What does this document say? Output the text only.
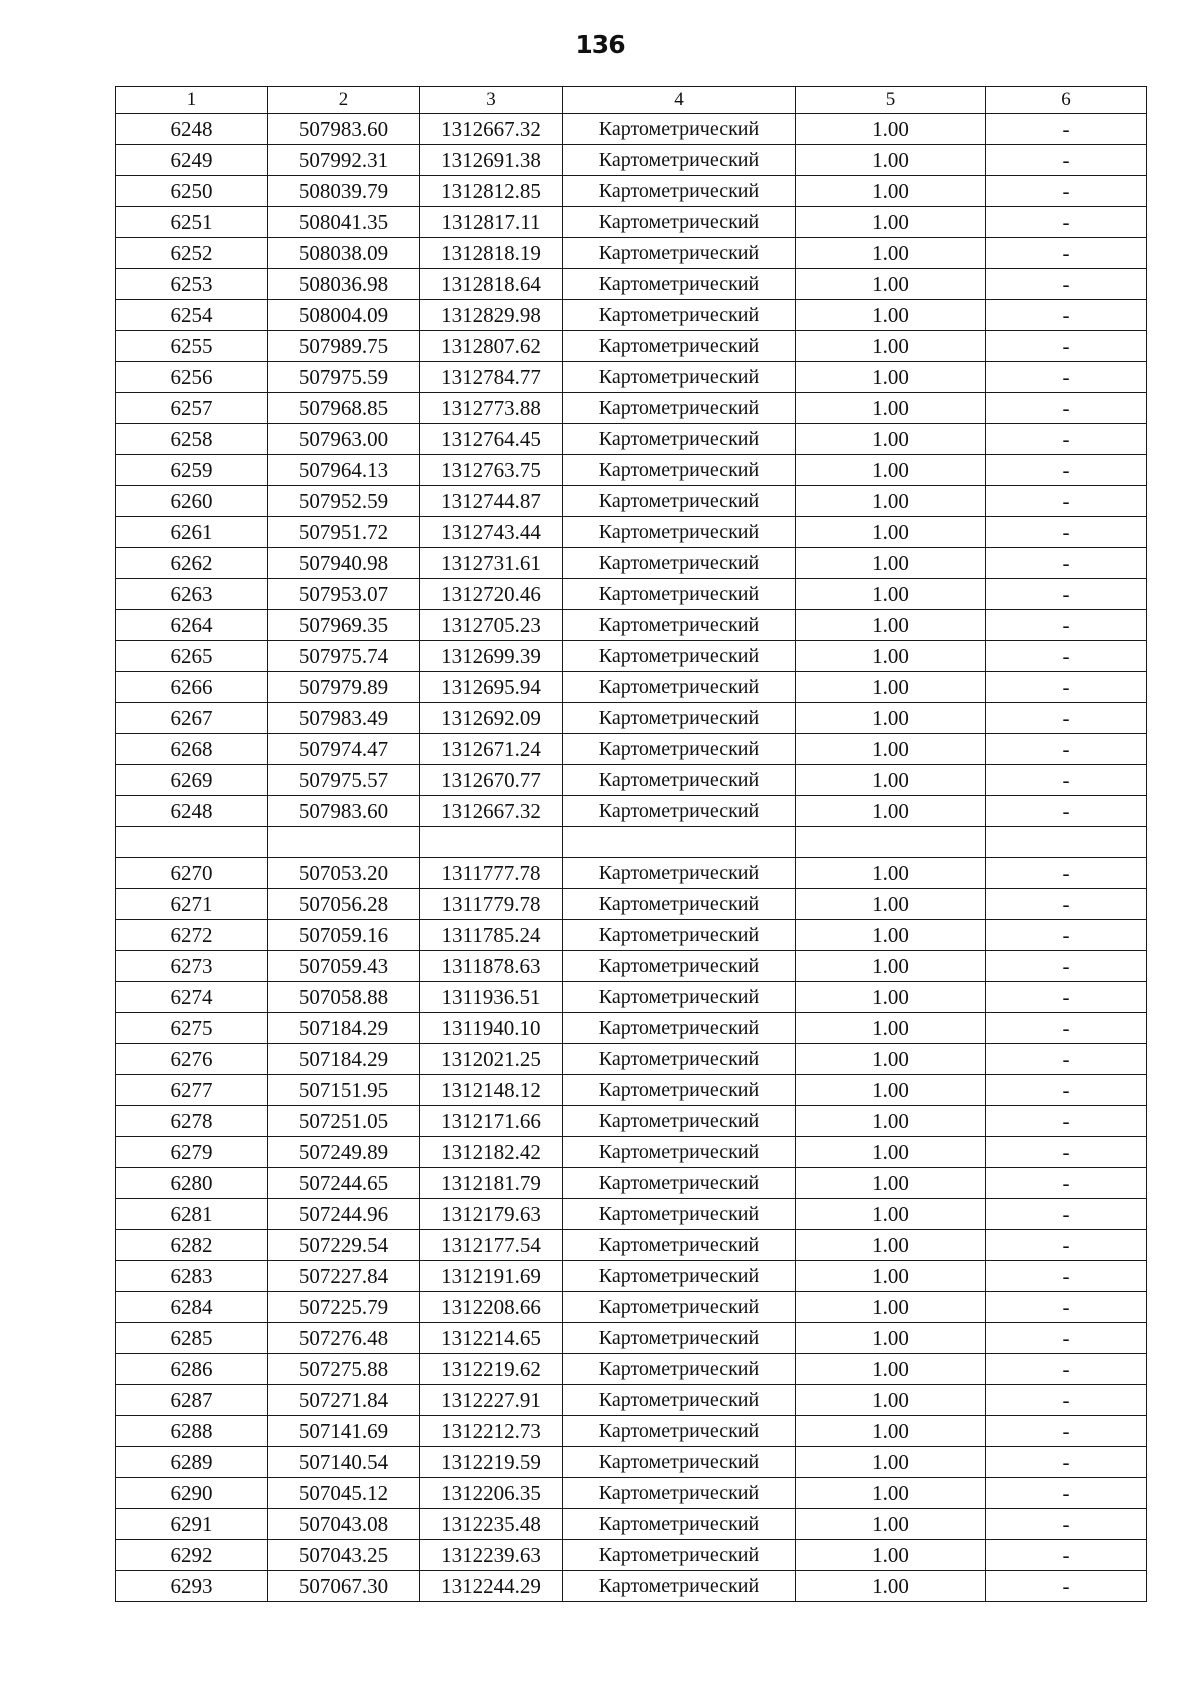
136
1	2	3	4	5	6
6248	507983.60	1312667.32	Картометрический	1.00	-
6249	507992.31	1312691.38	Картометрический	1.00	-
6250	508039.79	1312812.85	Картометрический	1.00	-
6251	508041.35	1312817.11	Картометрический	1.00	-
6252	508038.09	1312818.19	Картометрический	1.00	-
6253	508036.98	1312818.64	Картометрический	1.00	-
6254	508004.09	1312829.98	Картометрический	1.00	-
6255	507989.75	1312807.62	Картометрический	1.00	-
6256	507975.59	1312784.77	Картометрический	1.00	-
6257	507968.85	1312773.88	Картометрический	1.00	-
6258	507963.00	1312764.45	Картометрический	1.00	-
6259	507964.13	1312763.75	Картометрический	1.00	-
6260	507952.59	1312744.87	Картометрический	1.00	-
6261	507951.72	1312743.44	Картометрический	1.00	-
6262	507940.98	1312731.61	Картометрический	1.00	-
6263	507953.07	1312720.46	Картометрический	1.00	-
6264	507969.35	1312705.23	Картометрический	1.00	-
6265	507975.74	1312699.39	Картометрический	1.00	-
6266	507979.89	1312695.94	Картометрический	1.00	-
6267	507983.49	1312692.09	Картометрический	1.00	-
6268	507974.47	1312671.24	Картометрический	1.00	-
6269	507975.57	1312670.77	Картометрический	1.00	-
6248	507983.60	1312667.32	Картометрический	1.00	-

6270	507053.20	1311777.78	Картометрический	1.00	-
6271	507056.28	1311779.78	Картометрический	1.00	-
6272	507059.16	1311785.24	Картометрический	1.00	-
6273	507059.43	1311878.63	Картометрический	1.00	-
6274	507058.88	1311936.51	Картометрический	1.00	-
6275	507184.29	1311940.10	Картометрический	1.00	-
6276	507184.29	1312021.25	Картометрический	1.00	-
6277	507151.95	1312148.12	Картометрический	1.00	-
6278	507251.05	1312171.66	Картометрический	1.00	-
6279	507249.89	1312182.42	Картометрический	1.00	-
6280	507244.65	1312181.79	Картометрический	1.00	-
6281	507244.96	1312179.63	Картометрический	1.00	-
6282	507229.54	1312177.54	Картометрический	1.00	-
6283	507227.84	1312191.69	Картометрический	1.00	-
6284	507225.79	1312208.66	Картометрический	1.00	-
6285	507276.48	1312214.65	Картометрический	1.00	-
6286	507275.88	1312219.62	Картометрический	1.00	-
6287	507271.84	1312227.91	Картометрический	1.00	-
6288	507141.69	1312212.73	Картометрический	1.00	-
6289	507140.54	1312219.59	Картометрический	1.00	-
6290	507045.12	1312206.35	Картометрический	1.00	-
6291	507043.08	1312235.48	Картометрический	1.00	-
6292	507043.25	1312239.63	Картометрический	1.00	-
6293	507067.30	1312244.29	Картометрический	1.00	-
